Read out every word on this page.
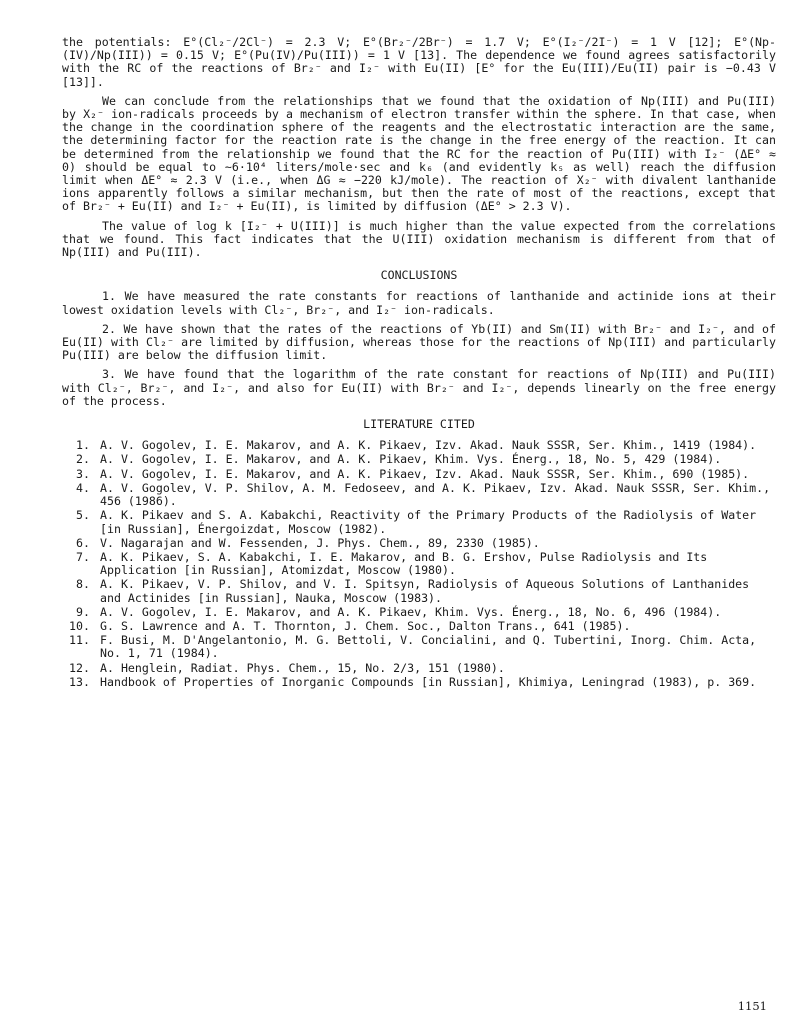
the potentials: E°(Cl₂⁻/2Cl⁻) = 2.3 V; E°(Br₂⁻/2Br⁻) = 1.7 V; E°(I₂⁻/2I⁻) = 1 V [12]; E°(Np-(IV)/Np(III)) = 0.15 V; E°(Pu(IV)/Pu(III)) = 1 V [13]. The dependence we found agrees satisfactorily with the RC of the reactions of Br₂⁻ and I₂⁻ with Eu(II) [E° for the Eu(III)/Eu(II) pair is −0.43 V [13]].

We can conclude from the relationships that we found that the oxidation of Np(III) and Pu(III) by X₂⁻ ion-radicals proceeds by a mechanism of electron transfer within the sphere. In that case, when the change in the coordination sphere of the reagents and the electrostatic interaction are the same, the determining factor for the reaction rate is the change in the free energy of the reaction. It can be determined from the relationship we found that the RC for the reaction of Pu(III) with I₂⁻ (ΔE° ≈ 0) should be equal to ~6·10⁴ liters/mole·sec and k₆ (and evidently k₅ as well) reach the diffusion limit when ΔE° ≈ 2.3 V (i.e., when ΔG ≈ −220 kJ/mole). The reaction of X₂⁻ with divalent lanthanide ions apparently follows a similar mechanism, but then the rate of most of the reactions, except that of Br₂⁻ + Eu(II) and I₂⁻ + Eu(II), is limited by diffusion (ΔE° > 2.3 V).

The value of log k [I₂⁻ + U(III)] is much higher than the value expected from the correlations that we found. This fact indicates that the U(III) oxidation mechanism is different from that of Np(III) and Pu(III).

CONCLUSIONS

1. We have measured the rate constants for reactions of lanthanide and actinide ions at their lowest oxidation levels with Cl₂⁻, Br₂⁻, and I₂⁻ ion-radicals.

2. We have shown that the rates of the reactions of Yb(II) and Sm(II) with Br₂⁻ and I₂⁻, and of Eu(II) with Cl₂⁻ are limited by diffusion, whereas those for the reactions of Np(III) and particularly Pu(III) are below the diffusion limit.

3. We have found that the logarithm of the rate constant for reactions of Np(III) and Pu(III) with Cl₂⁻, Br₂⁻, and I₂⁻, and also for Eu(II) with Br₂⁻ and I₂⁻, depends linearly on the free energy of the process.

LITERATURE CITED
1. A. V. Gogolev, I. E. Makarov, and A. K. Pikaev, Izv. Akad. Nauk SSSR, Ser. Khim., 1419 (1984).
2. A. V. Gogolev, I. E. Makarov, and A. K. Pikaev, Khim. Vys. Énerg., 18, No. 5, 429 (1984).
3. A. V. Gogolev, I. E. Makarov, and A. K. Pikaev, Izv. Akad. Nauk SSSR, Ser. Khim., 690 (1985).
4. A. V. Gogolev, V. P. Shilov, A. M. Fedoseev, and A. K. Pikaev, Izv. Akad. Nauk SSSR, Ser. Khim., 456 (1986).
5. A. K. Pikaev and S. A. Kabakchi, Reactivity of the Primary Products of the Radiolysis of Water [in Russian], Énergoizdat, Moscow (1982).
6. V. Nagarajan and W. Fessenden, J. Phys. Chem., 89, 2330 (1985).
7. A. K. Pikaev, S. A. Kabakchi, I. E. Makarov, and B. G. Ershov, Pulse Radiolysis and Its Application [in Russian], Atomizdat, Moscow (1980).
8. A. K. Pikaev, V. P. Shilov, and V. I. Spitsyn, Radiolysis of Aqueous Solutions of Lanthanides and Actinides [in Russian], Nauka, Moscow (1983).
9. A. V. Gogolev, I. E. Makarov, and A. K. Pikaev, Khim. Vys. Énerg., 18, No. 6, 496 (1984).
10. G. S. Lawrence and A. T. Thornton, J. Chem. Soc., Dalton Trans., 641 (1985).
11. F. Busi, M. D'Angelantonio, M. G. Bettoli, V. Concialini, and Q. Tubertini, Inorg. Chim. Acta, No. 1, 71 (1984).
12. A. Henglein, Radiat. Phys. Chem., 15, No. 2/3, 151 (1980).
13. Handbook of Properties of Inorganic Compounds [in Russian], Khimiya, Leningrad (1983), p. 369.
1151
